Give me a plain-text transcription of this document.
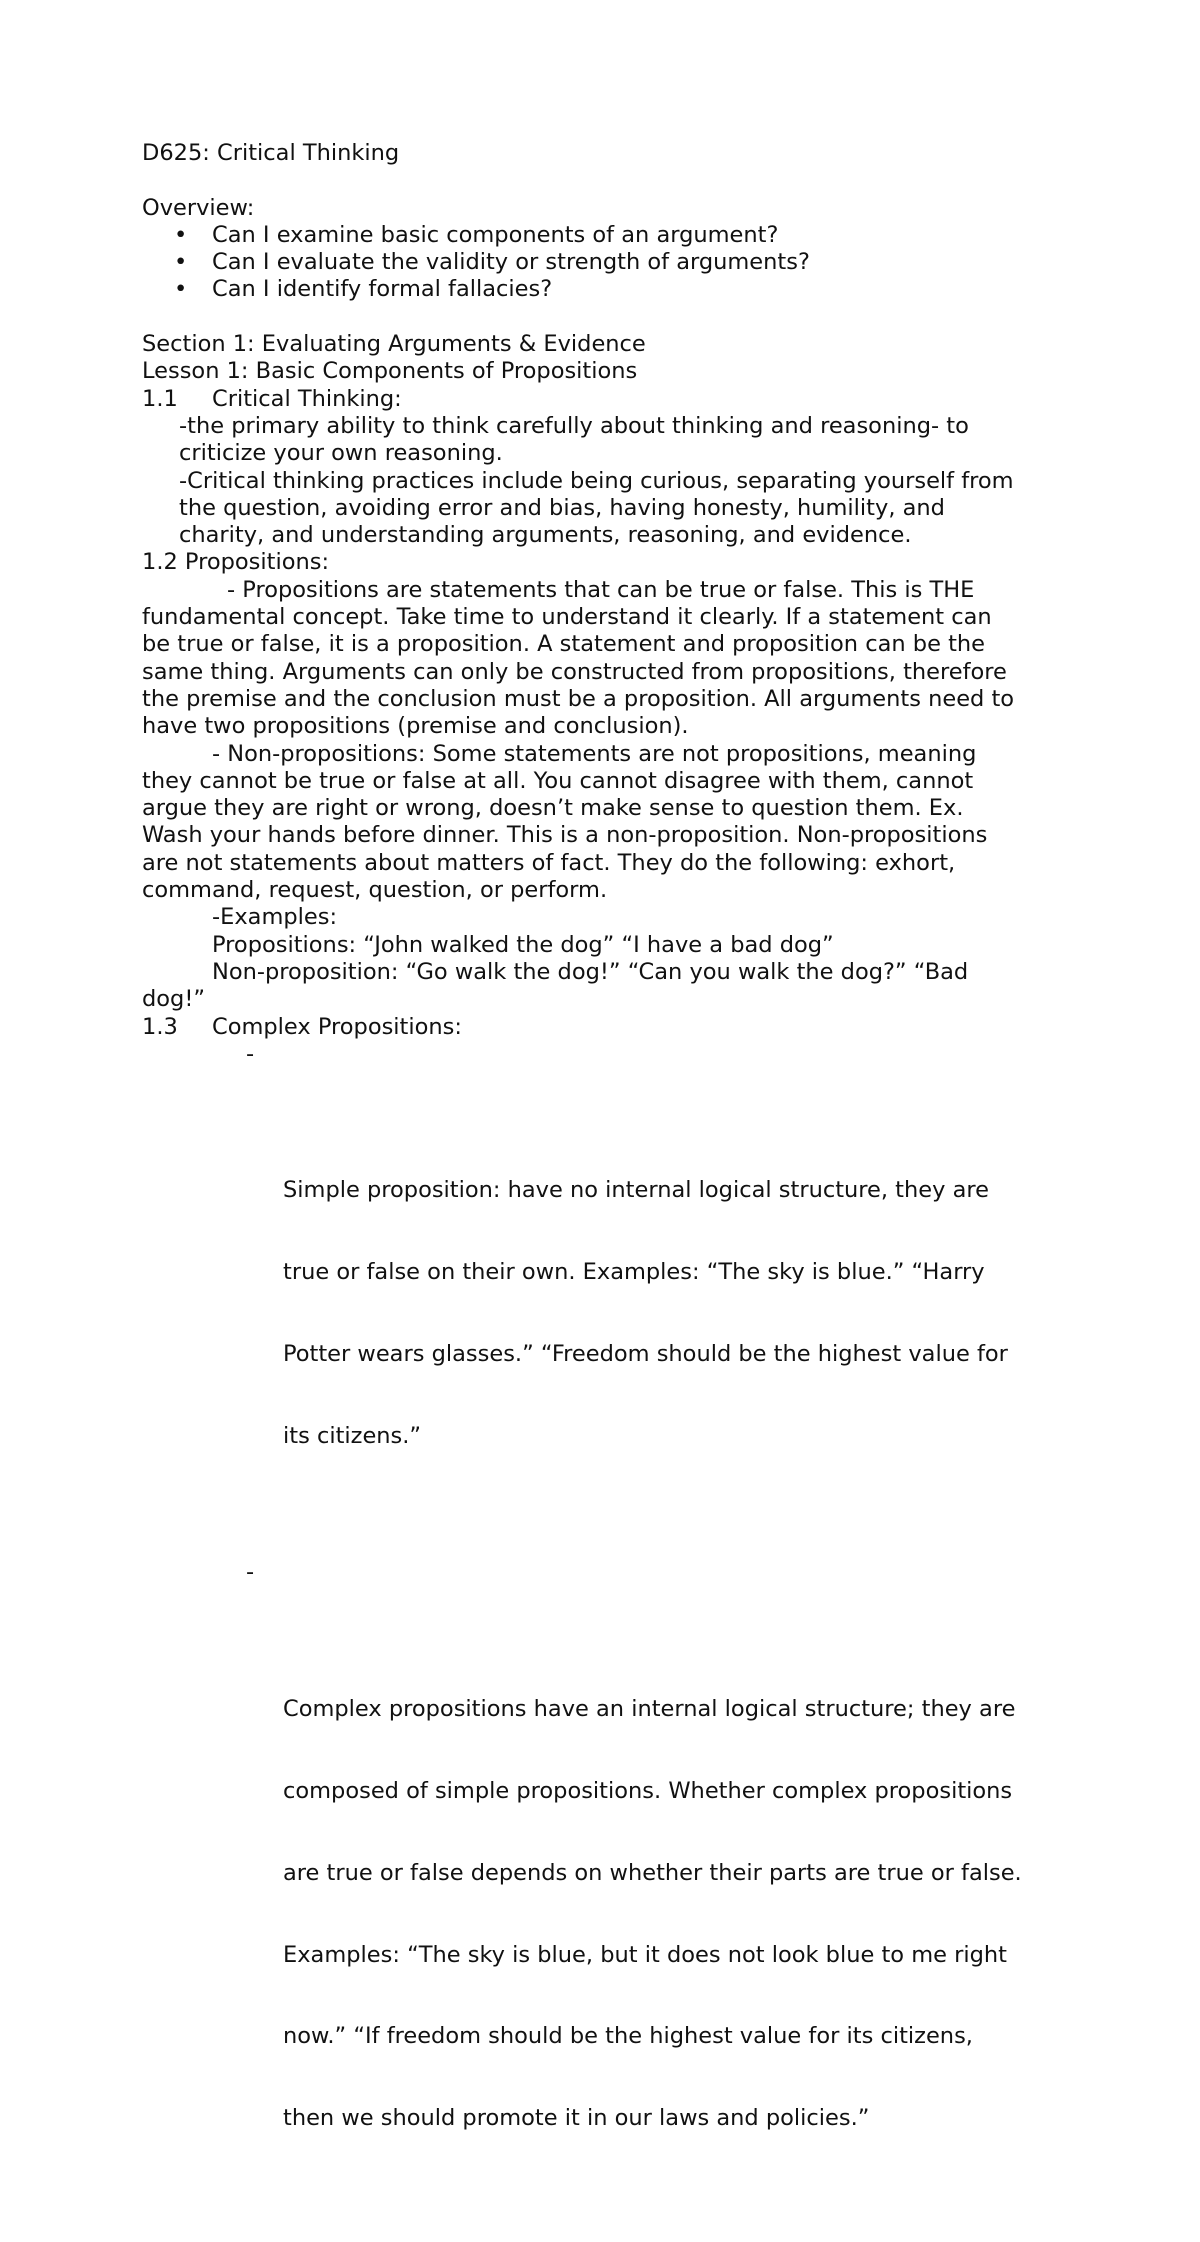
D625: Critical Thinking
Overview:

•

Can I examine basic components of an argument?

•

Can I evaluate the validity or strength of arguments?

•

Can I identify formal fallacies?

Section 1: Evaluating Arguments & Evidence
Lesson 1: Basic Components of Propositions

1.1

Critical Thinking:

-the primary ability to think carefully about thinking and reasoning- to
criticize your own reasoning.
-Critical thinking practices include being curious, separating yourself from
the question, avoiding error and bias, having honesty, humility, and
charity, and understanding arguments, reasoning, and evidence.
1.2 Propositions:
- Propositions are statements that can be true or false. This is THE
fundamental concept. Take time to understand it clearly. If a statement can
be true or false, it is a proposition. A statement and proposition can be the
same thing. Arguments can only be constructed from propositions, therefore
the premise and the conclusion must be a proposition. All arguments need to
have two propositions (premise and conclusion).
- Non-propositions: Some statements are not propositions, meaning
they cannot be true or false at all. You cannot disagree with them, cannot
argue they are right or wrong, doesn’t make sense to question them. Ex.
Wash your hands before dinner. This is a non-proposition. Non-propositions
are not statements about matters of fact. They do the following: exhort,
command, request, question, or perform.
-Examples:
Propositions: “John walked the dog” “I have a bad dog”
Non-proposition: “Go walk the dog!” “Can you walk the dog?” “Bad
dog!”

1.3

Complex Propositions:

-

Simple proposition: have no internal logical structure, they are

true or false on their own. Examples: “The sky is blue.” “Harry

Potter wears glasses.” “Freedom should be the highest value for

its citizens.”

-

Complex propositions have an internal logical structure; they are

composed of simple propositions. Whether complex propositions

are true or false depends on whether their parts are true or false.

Examples: “The sky is blue, but it does not look blue to me right

now.” “If freedom should be the highest value for its citizens,

then we should promote it in our laws and policies.”
